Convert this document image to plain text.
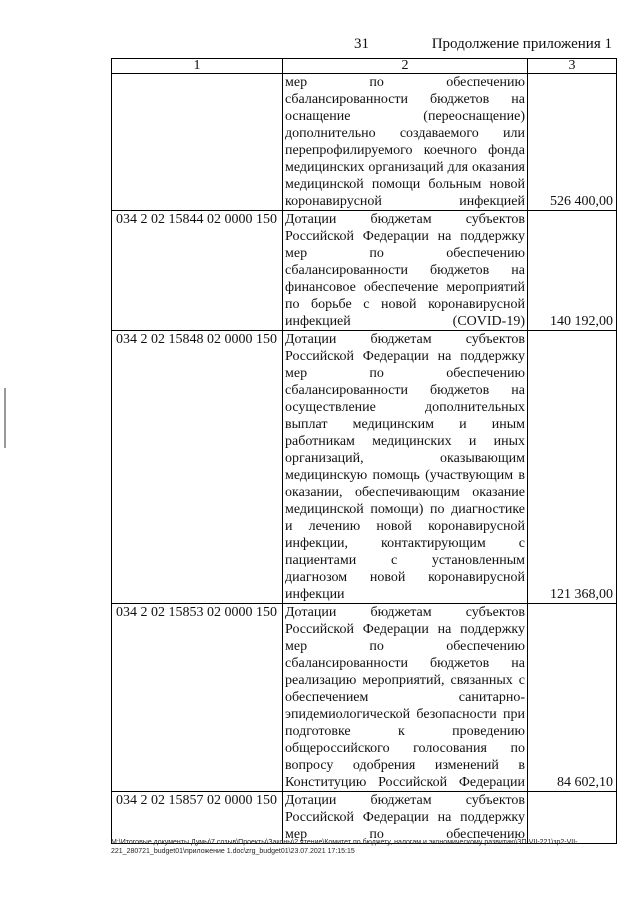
31	Продолжение приложения 1
1	2	3
	мер по обеспечению сбалансированности бюджетов на оснащение (переоснащение) дополнительно создаваемого или перепрофилируемого коечного фонда медицинских организаций для оказания медицинской помощи больным новой коронавирусной инфекцией	526 400,00
034 2 02 15844 02 0000 150	Дотации бюджетам субъектов Российской Федерации на поддержку мер по обеспечению сбалансированности бюджетов на финансовое обеспечение мероприятий по борьбе с новой коронавирусной инфекцией (COVID-19)	140 192,00
034 2 02 15848 02 0000 150	Дотации бюджетам субъектов Российской Федерации на поддержку мер по обеспечению сбалансированности бюджетов на осуществление дополнительных выплат медицинским и иным работникам медицинских и иных организаций, оказывающим медицинскую помощь (участвующим в оказании, обеспечивающим оказание медицинской помощи) по диагностике и лечению новой коронавирусной инфекции, контактирующим с пациентами с установленным диагнозом новой коронавирусной инфекции	121 368,00
034 2 02 15853 02 0000 150	Дотации бюджетам субъектов Российской Федерации на поддержку мер по обеспечению сбалансированности бюджетов на реализацию мероприятий, связанных с обеспечением санитарно-эпидемиологической безопасности при подготовке к проведению общероссийского голосования по вопросу одобрения изменений в Конституцию Российской Федерации	84 602,10
034 2 02 15857 02 0000 150	Дотации бюджетам субъектов Российской Федерации на поддержку мер по обеспечению	
M:\Итоговые документы Думы\7 созыв\Проекты\Законы\2 чтение\Комитет по бюджету, налогам и экономическому развитию\ЗП-VII-221\зр2-VII-221_280721_budget01\приложение 1.doc\zrg_budget01\23.07.2021 17:15:15
